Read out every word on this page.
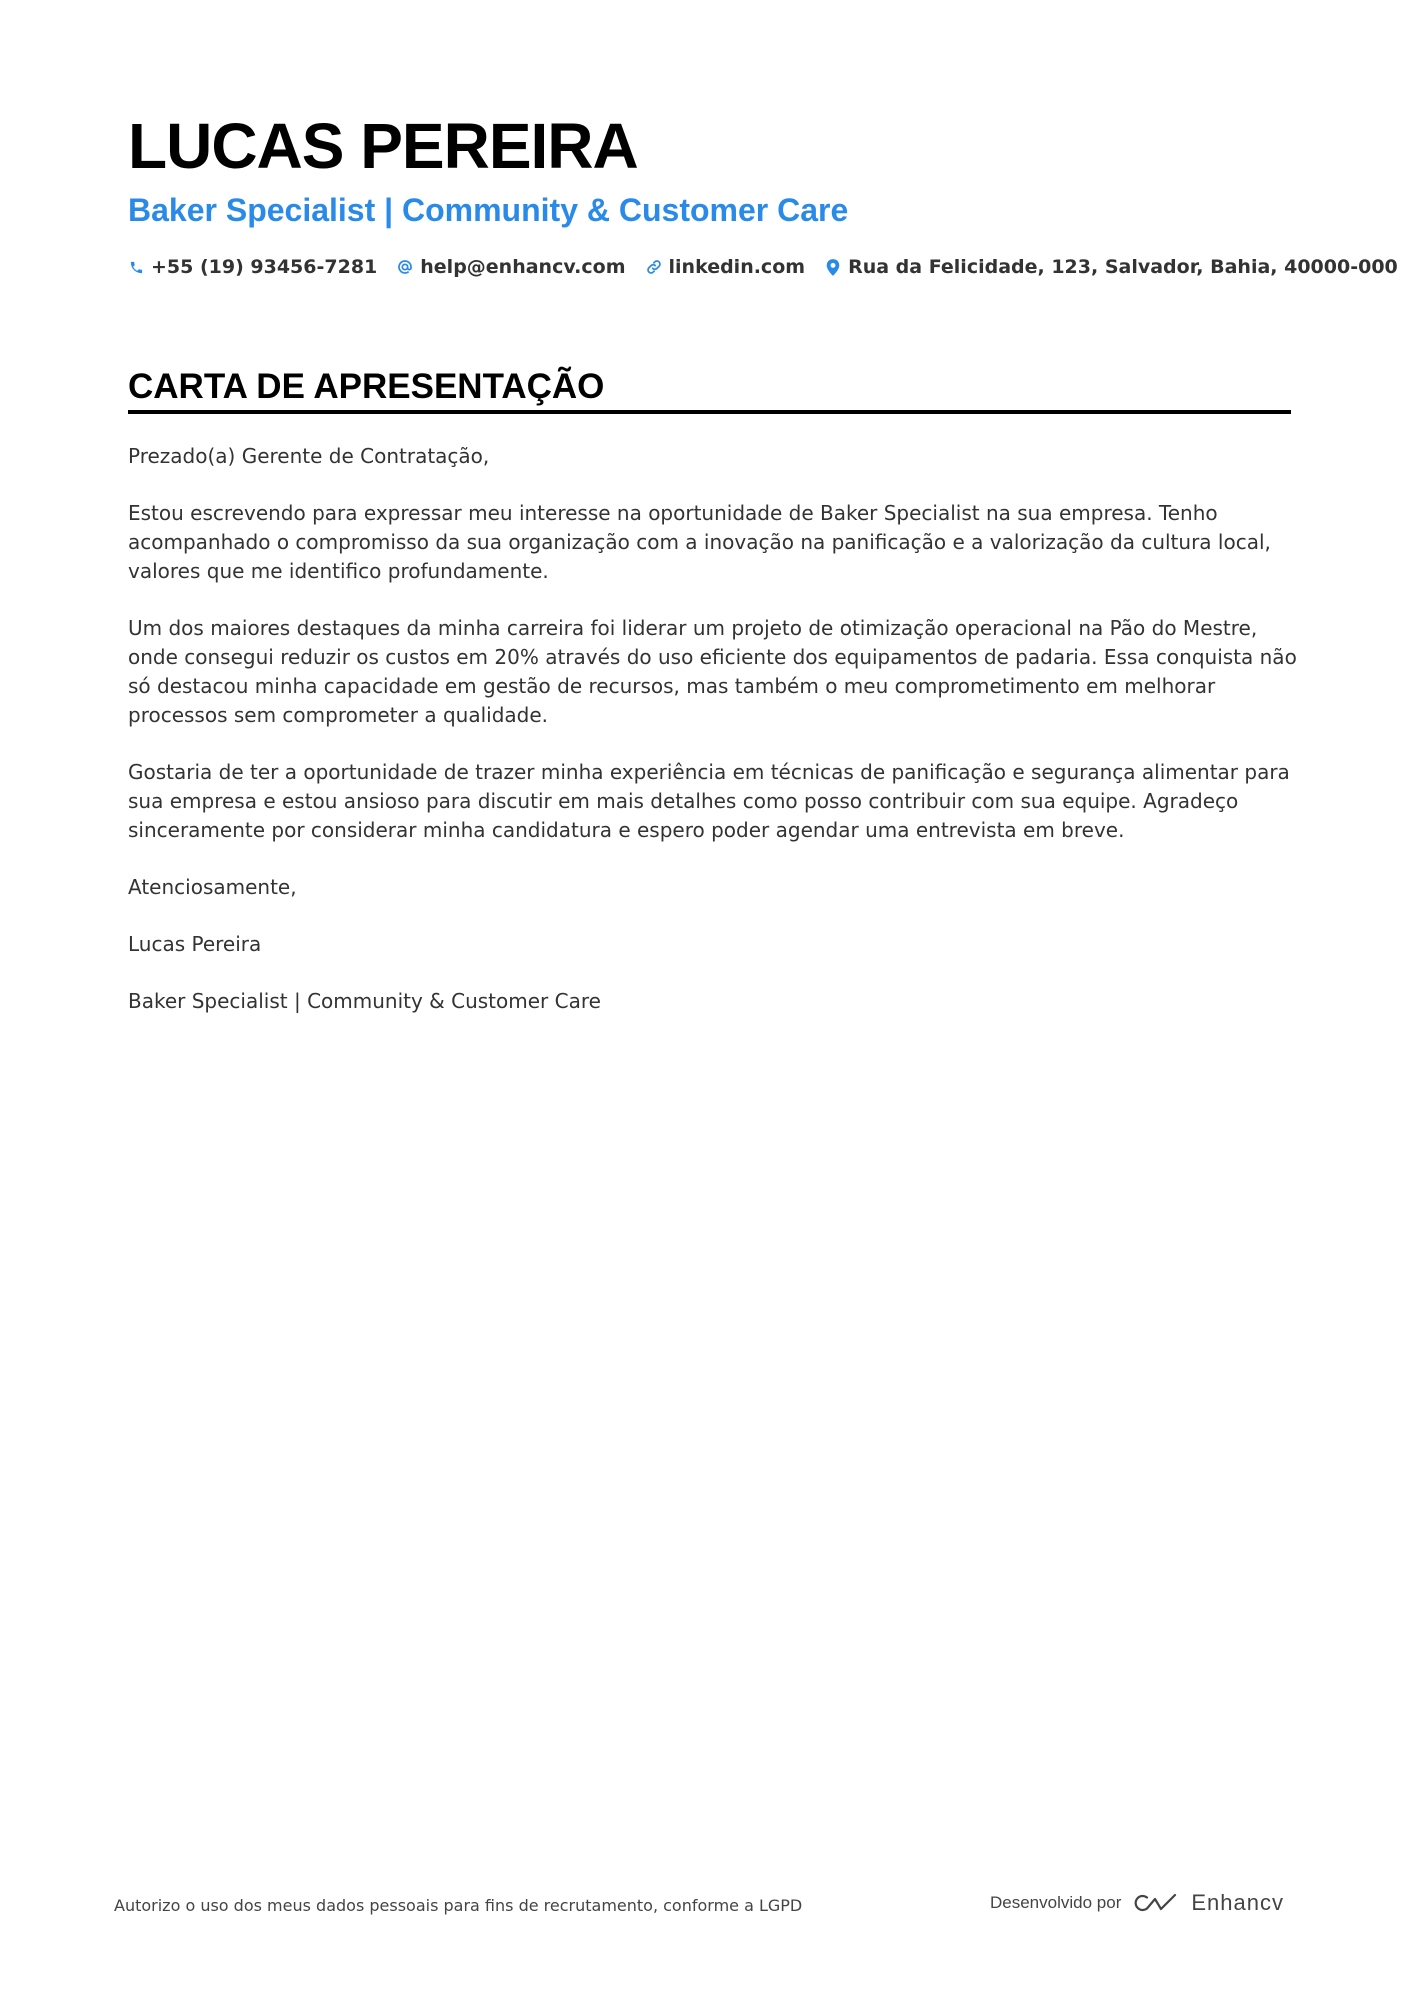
LUCAS PEREIRA
Baker Specialist | Community & Customer Care
+55 (19) 93456-7281 help@enhancv.com linkedin.com Rua da Felicidade, 123, Salvador, Bahia, 40000-000
CARTA DE APRESENTAÇÃO

Prezado(a) Gerente de Contratação,

Estou escrevendo para expressar meu interesse na oportunidade de Baker Specialist na sua empresa. Tenho acompanhado o compromisso da sua organização com a inovação na panificação e a valorização da cultura local, valores que me identifico profundamente.

Um dos maiores destaques da minha carreira foi liderar um projeto de otimização operacional na Pão do Mestre, onde consegui reduzir os custos em 20% através do uso eficiente dos equipamentos de padaria. Essa conquista não só destacou minha capacidade em gestão de recursos, mas também o meu comprometimento em melhorar processos sem comprometer a qualidade.

Gostaria de ter a oportunidade de trazer minha experiência em técnicas de panificação e segurança alimentar para sua empresa e estou ansioso para discutir em mais detalhes como posso contribuir com sua equipe. Agradeço sinceramente por considerar minha candidatura e espero poder agendar uma entrevista em breve.

Atenciosamente,

Lucas Pereira

Baker Specialist | Community & Customer Care

Autorizo o uso dos meus dados pessoais para fins de recrutamento, conforme a LGPD	Desenvolvido por	Enhancv
